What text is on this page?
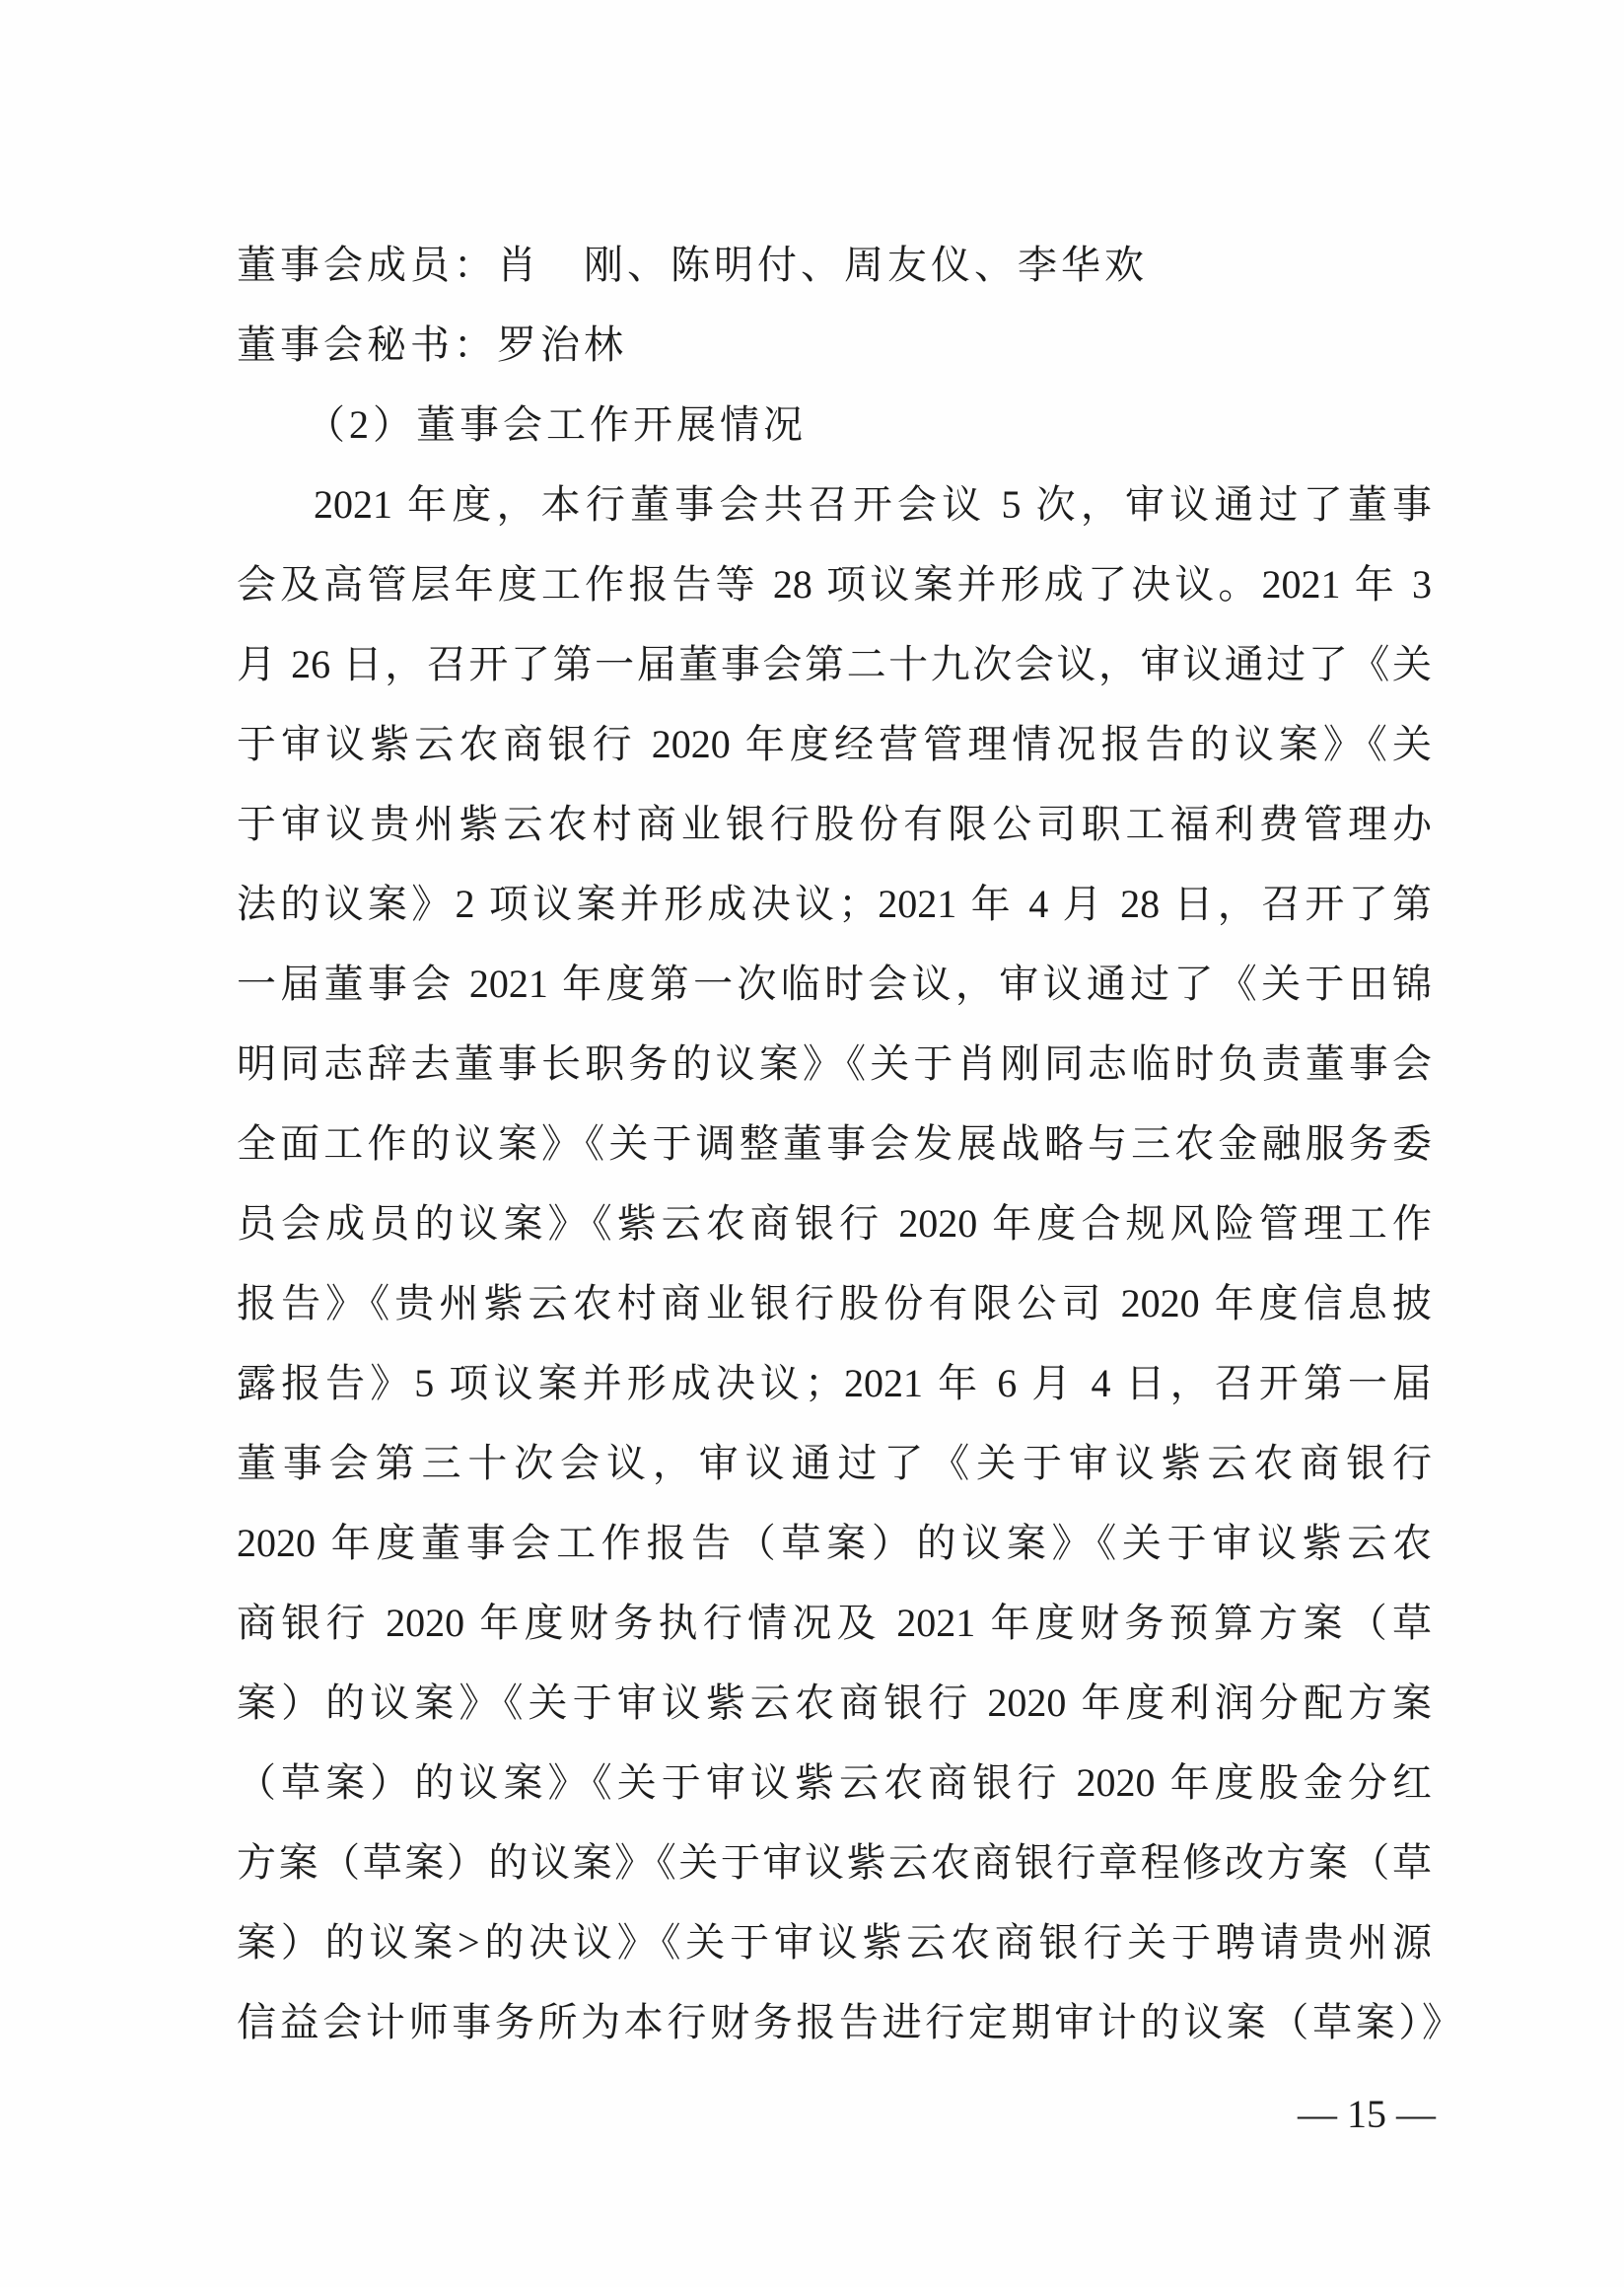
董事会成员：肖　刚、陈明付、周友仪、李华欢
董事会秘书：罗治林
（2）董事会工作开展情况
2021 年度，本行董事会共召开会议 5 次，审议通过了董事
会及高管层年度工作报告等 28 项议案并形成了决议。2021 年 3
月 26 日，召开了第一届董事会第二十九次会议，审议通过了《关
于审议紫云农商银行 2020 年度经营管理情况报告的议案》《关
于审议贵州紫云农村商业银行股份有限公司职工福利费管理办
法的议案》2 项议案并形成决议；2021 年 4 月 28 日，召开了第
一届董事会 2021 年度第一次临时会议，审议通过了《关于田锦
明同志辞去董事长职务的议案》《关于肖刚同志临时负责董事会
全面工作的议案》《关于调整董事会发展战略与三农金融服务委
员会成员的议案》《紫云农商银行 2020 年度合规风险管理工作
报告》《贵州紫云农村商业银行股份有限公司 2020 年度信息披
露报告》5 项议案并形成决议；2021 年 6 月 4 日，召开第一届
董事会第三十次会议，审议通过了《关于审议紫云农商银行
2020 年度董事会工作报告（草案）的议案》《关于审议紫云农
商银行 2020 年度财务执行情况及 2021 年度财务预算方案（草
案）的议案》《关于审议紫云农商银行 2020 年度利润分配方案
（草案）的议案》《关于审议紫云农商银行 2020 年度股金分红
方案（草案）的议案》《关于审议紫云农商银行章程修改方案（草
案）的议案>的决议》《关于审议紫云农商银行关于聘请贵州源
信益会计师事务所为本行财务报告进行定期审计的议案（草案）》
— 15 —
